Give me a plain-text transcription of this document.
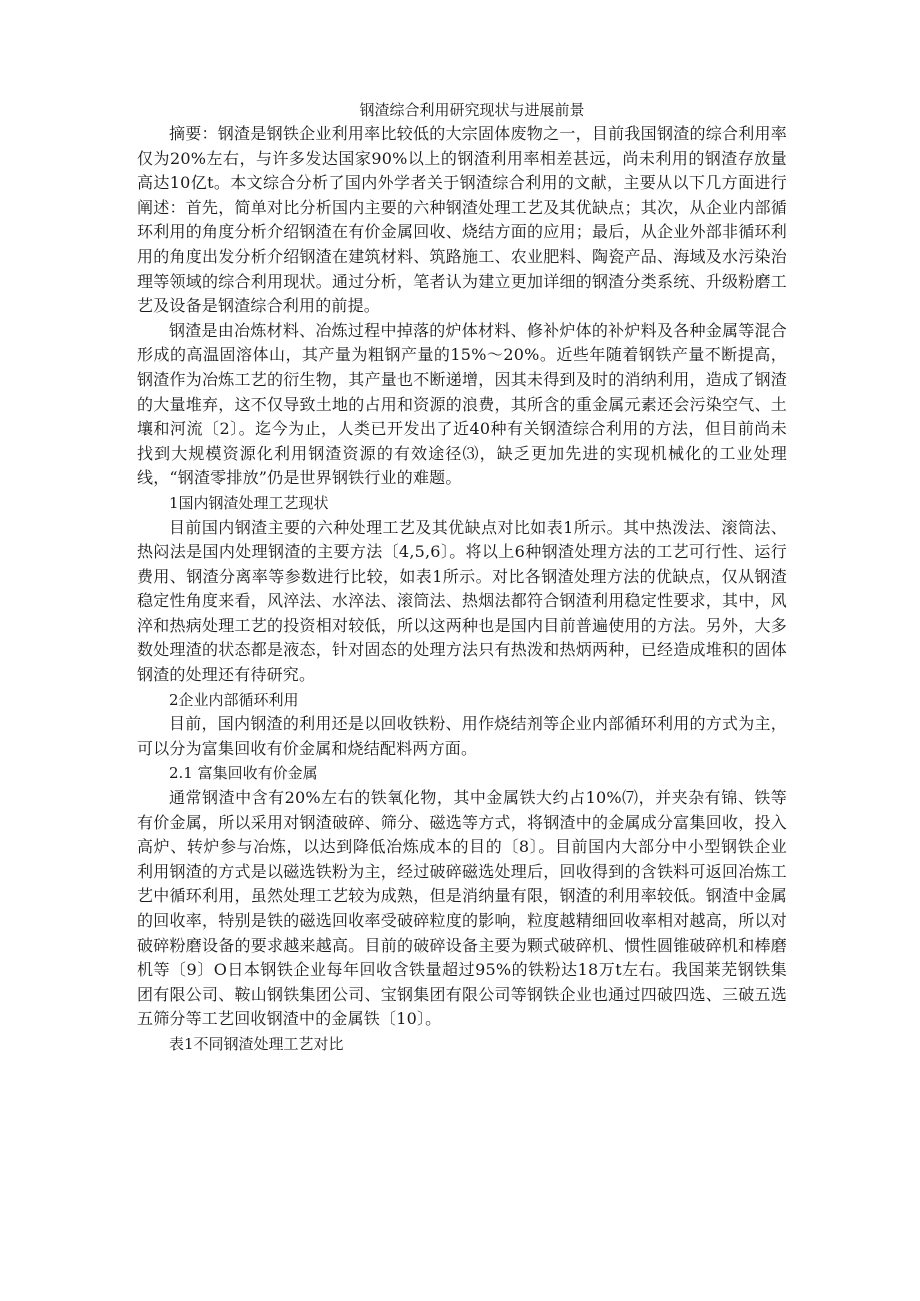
钢渣综合利用研究现状与进展前景

摘要：钢渣是钢铁企业利用率比较低的大宗固体废物之一，目前我国钢渣的综合利用率仅为20%左右，与许多发达国家90%以上的钢渣利用率相差甚远，尚未利用的钢渣存放量高达10亿t。本文综合分析了国内外学者关于钢渣综合利用的文献，主要从以下几方面进行阐述：首先，简单对比分析国内主要的六种钢渣处理工艺及其优缺点；其次，从企业内部循环利用的角度分析介绍钢渣在有价金属回收、烧结方面的应用；最后，从企业外部非循环利用的角度出发分析介绍钢渣在建筑材料、筑路施工、农业肥料、陶瓷产品、海域及水污染治理等领域的综合利用现状。通过分析，笔者认为建立更加详细的钢渣分类系统、升级粉磨工艺及设备是钢渣综合利用的前提。

钢渣是由冶炼材料、冶炼过程中掉落的炉体材料、修补炉体的补炉料及各种金属等混合形成的高温固溶体山，其产量为粗钢产量的15%～20%。近些年随着钢铁产量不断提高，钢渣作为冶炼工艺的衍生物，其产量也不断递增，因其未得到及时的消纳利用，造成了钢渣的大量堆弃，这不仅导致土地的占用和资源的浪费，其所含的重金属元素还会污染空气、土壤和河流〔2〕。迄今为止，人类已开发出了近40种有关钢渣综合利用的方法，但目前尚未找到大规模资源化利用钢渣资源的有效途径⑶，缺乏更加先进的实现机械化的工业处理线，“钢渣零排放”仍是世界钢铁行业的难题。

1国内钢渣处理工艺现状

目前国内钢渣主要的六种处理工艺及其优缺点对比如表1所示。其中热泼法、滚筒法、热闷法是国内处理钢渣的主要方法〔4,5,6〕。将以上6种钢渣处理方法的工艺可行性、运行费用、钢渣分离率等参数进行比较，如表1所示。对比各钢渣处理方法的优缺点，仅从钢渣稳定性角度来看，风淬法、水淬法、滚筒法、热烟法都符合钢渣利用稳定性要求，其中，风淬和热病处理工艺的投资相对较低，所以这两种也是国内目前普遍使用的方法。另外，大多数处理渣的状态都是液态，针对固态的处理方法只有热泼和热炳两种，已经造成堆积的固体钢渣的处理还有待研究。

2企业内部循环利用

目前，国内钢渣的利用还是以回收铁粉、用作烧结剂等企业内部循环利用的方式为主，可以分为富集回收有价金属和烧结配料两方面。

2.1 富集回收有价金属

通常钢渣中含有20%左右的铁氧化物，其中金属铁大约占10%⑺，并夹杂有锦、铁等有价金属，所以采用对钢渣破碎、筛分、磁选等方式，将钢渣中的金属成分富集回收，投入高炉、转炉参与冶炼，以达到降低冶炼成本的目的〔8〕。目前国内大部分中小型钢铁企业利用钢渣的方式是以磁选铁粉为主，经过破碎磁选处理后，回收得到的含铁料可返回冶炼工艺中循环利用，虽然处理工艺较为成熟，但是消纳量有限，钢渣的利用率较低。钢渣中金属的回收率，特别是铁的磁选回收率受破碎粒度的影响，粒度越精细回收率相对越高，所以对破碎粉磨设备的要求越来越高。目前的破碎设备主要为颗式破碎机、惯性圆锥破碎机和棒磨机等〔9〕O日本钢铁企业每年回收含铁量超过95%的铁粉达18万t左右。我国莱芜钢铁集团有限公司、鞍山钢铁集团公司、宝钢集团有限公司等钢铁企业也通过四破四选、三破五选五筛分等工艺回收钢渣中的金属铁〔10〕。

表1不同钢渣处理工艺对比
